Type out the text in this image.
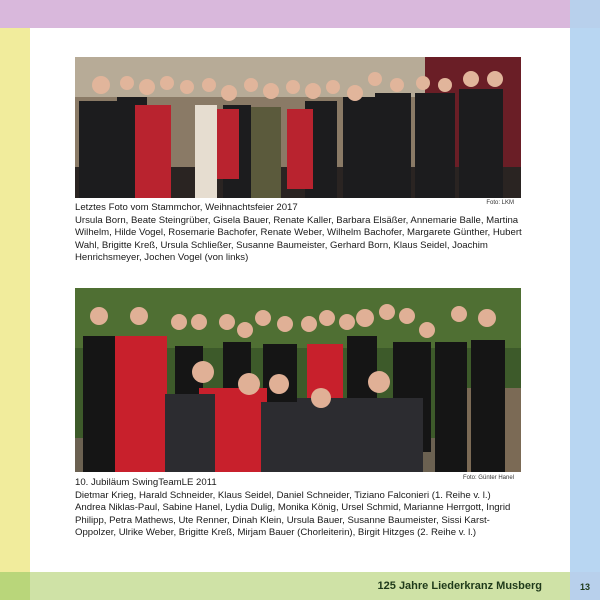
Foto: LKM

Letztes Foto vom Stammchor, Weihnachtsfeier 2017

Ursula Born, Beate Steingrüber, Gisela Bauer, Renate Kaller, Barbara Elsäßer, Annemarie Balle, Martina Wilhelm, Hilde Vogel, Rosemarie Bachofer, Renate Weber, Wilhelm Bachofer, Margarete Günther, Hubert Wahl, Brigitte Kreß, Ursula Schließer, Susanne Baumeister, Gerhard Born, Klaus Seidel, Joachim Henrichsmeyer, Jochen Vogel (von links)

Foto: Günter Hanel

10. Jubiläum SwingTeamLE 2011

Dietmar Krieg, Harald Schneider, Klaus Seidel, Daniel Schneider, Tiziano Falconieri (1. Reihe v. l.)

Andrea Niklas-Paul, Sabine Hanel, Lydia Dulig, Monika König, Ursel Schmid, Marianne Herrgott, Ingrid Philipp, Petra Mathews, Ute Renner, Dinah Klein, Ursula Bauer, Susanne Baumeister, Sissi Karst-Oppolzer, Ulrike Weber, Brigitte Kreß, Mirjam Bauer (Chorleiterin), Birgit Hitzges (2. Reihe v. l.)

125 Jahre Liederkranz Musberg	13
